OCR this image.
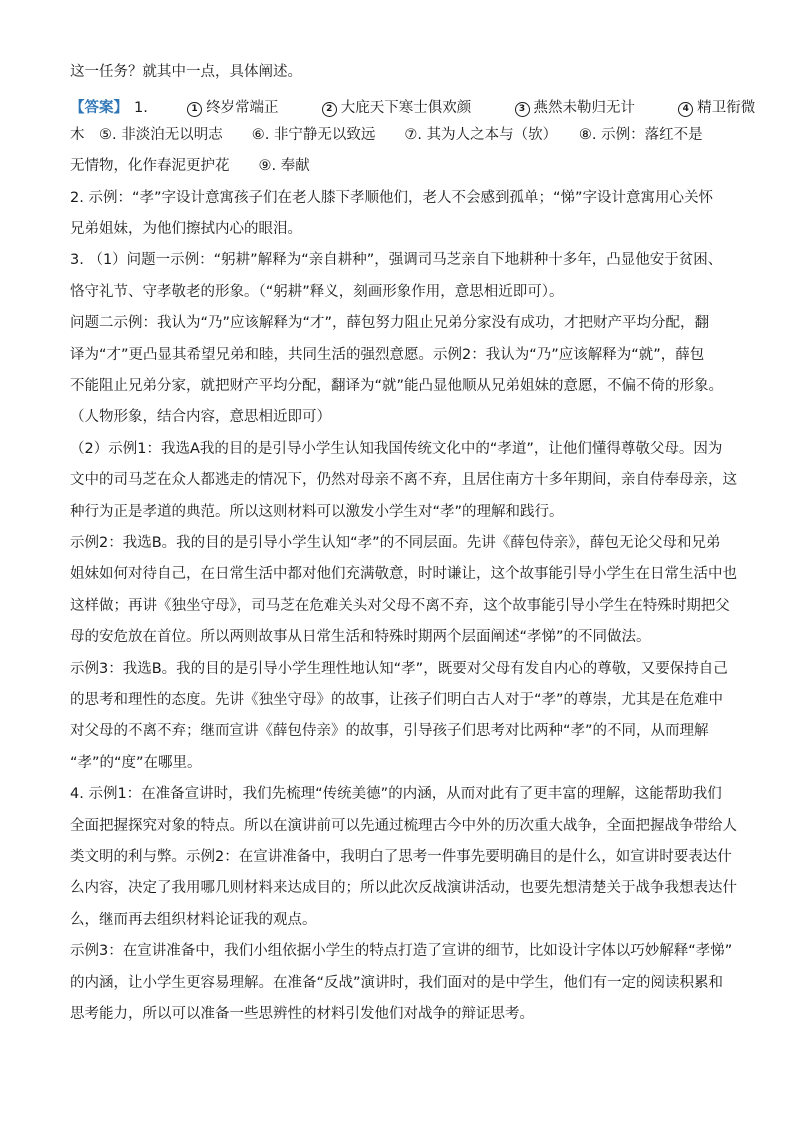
这一任务？就其中一点，具体阐述。
木　⑤. 非淡泊无以明志　　⑥. 非宁静无以致远　　⑦. 其为人之本与（欤）　　⑧. 示例：落红不是
无情物，化作春泥更护花　　⑨. 奉献
2. 示例：“孝”字设计意寓孩子们在老人膝下孝顺他们，老人不会感到孤单；“悌”字设计意寓用心关怀
兄弟姐妹，为他们擦拭内心的眼泪。
3. （1）问题一示例：“躬耕”解释为“亲自耕种”，强调司马芝亲自下地耕种十多年，凸显他安于贫困、
恪守礼节、守孝敬老的形象。（“躬耕”释义，刻画形象作用，意思相近即可）。
问题二示例：我认为“乃”应该解释为“才”，薛包努力阻止兄弟分家没有成功，才把财产平均分配，翻
译为“才”更凸显其希望兄弟和睦，共同生活的强烈意愿。示例2：我认为“乃”应该解释为“就”，薛包
不能阻止兄弟分家，就把财产平均分配，翻译为“就”能凸显他顺从兄弟姐妹的意愿，不偏不倚的形象。
（人物形象，结合内容，意思相近即可）
（2）示例1：我选A我的目的是引导小学生认知我国传统文化中的“孝道”，让他们懂得尊敬父母。因为
文中的司马芝在众人都逃走的情况下，仍然对母亲不离不弃，且居住南方十多年期间，亲自侍奉母亲，这
种行为正是孝道的典范。所以这则材料可以激发小学生对“孝”的理解和践行。
示例2：我选B。我的目的是引导小学生认知“孝”的不同层面。先讲《薛包侍亲》，薛包无论父母和兄弟
姐妹如何对待自己，在日常生活中都对他们充满敬意，时时谦让，这个故事能引导小学生在日常生活中也
这样做；再讲《独坐守母》，司马芝在危难关头对父母不离不弃，这个故事能引导小学生在特殊时期把父
母的安危放在首位。所以两则故事从日常生活和特殊时期两个层面阐述“孝悌”的不同做法。
示例3：我选B。我的目的是引导小学生理性地认知“孝”，既要对父母有发自内心的尊敬，又要保持自己
的思考和理性的态度。先讲《独坐守母》的故事，让孩子们明白古人对于“孝”的尊崇，尤其是在危难中
对父母的不离不弃；继而宣讲《薛包侍亲》的故事，引导孩子们思考对比两种“孝”的不同，从而理解
“孝”的“度”在哪里。
4. 示例1：在准备宣讲时，我们先梳理“传统美德”的内涵，从而对此有了更丰富的理解，这能帮助我们
全面把握探究对象的特点。所以在演讲前可以先通过梳理古今中外的历次重大战争，全面把握战争带给人
类文明的利与弊。示例2：在宣讲准备中，我明白了思考一件事先要明确目的是什么，如宣讲时要表达什
么内容，决定了我用哪几则材料来达成目的；所以此次反战演讲活动，也要先想清楚关于战争我想表达什
么，继而再去组织材料论证我的观点。
示例3：在宣讲准备中，我们小组依据小学生的特点打造了宣讲的细节，比如设计字体以巧妙解释“孝悌”
的内涵，让小学生更容易理解。在准备“反战”演讲时，我们面对的是中学生，他们有一定的阅读积累和
思考能力，所以可以准备一些思辨性的材料引发他们对战争的辩证思考。
【答案】 1.	1 终岁常端正	2 大庇天下寒士俱欢颜	3 燕然未勒归无计	4 精卫衔微
